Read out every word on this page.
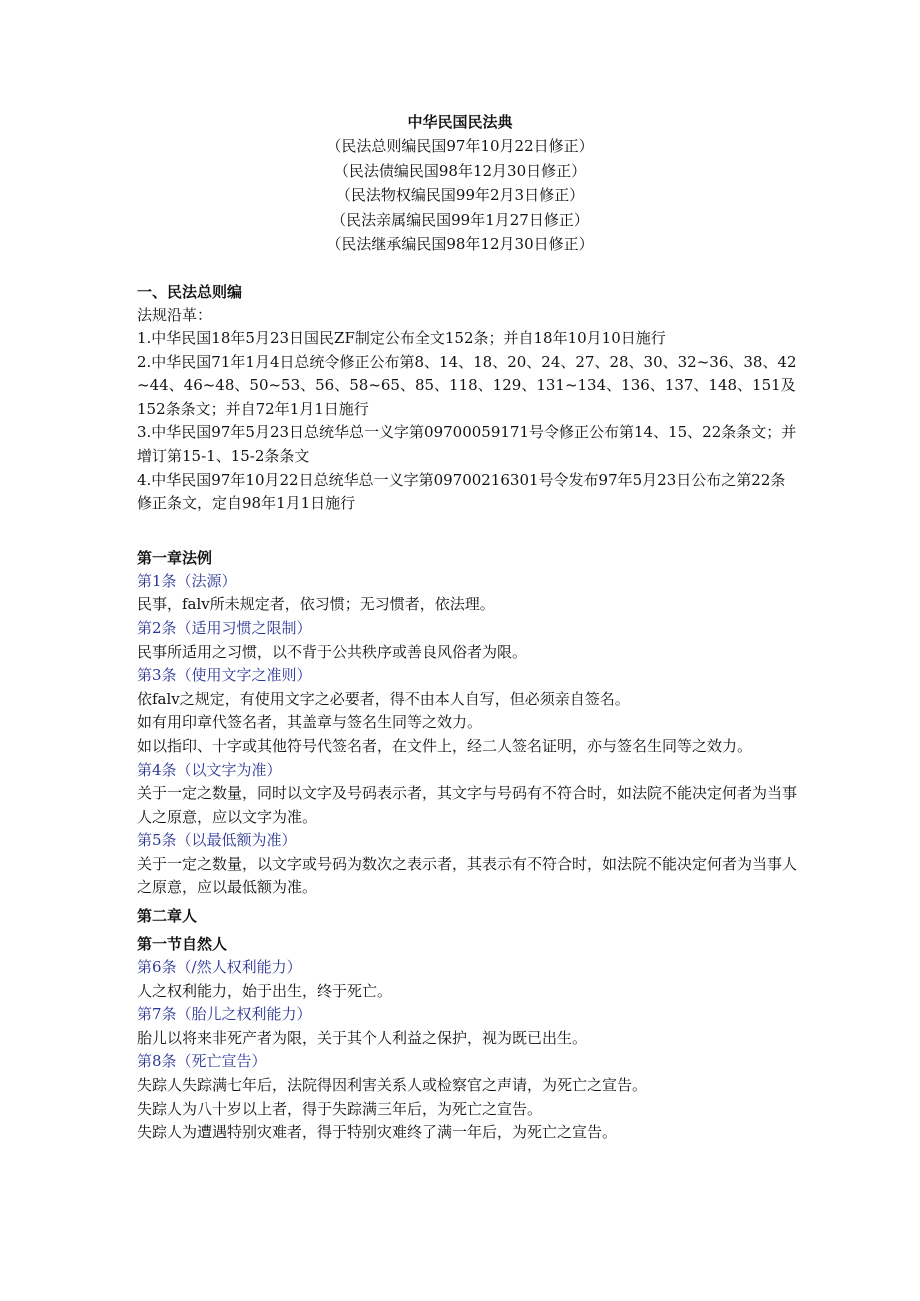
中华民国民法典
（民法总则编民国97年10月22日修正）
（民法债编民国98年12月30日修正）
（民法物权编民国99年2月3日修正）
（民法亲属编民国99年1月27日修正）
（民法继承编民国98年12月30日修正）
一、民法总则编
法规沿革：
1.中华民国18年5月23日国民ZF制定公布全文152条；并自18年10月10日施行
2.中华民国71年1月4日总统令修正公布第8、14、18、20、24、27、28、30、32~36、38、42~44、46~48、50~53、56、58~65、85、118、129、131~134、136、137、148、151及152条条文；并自72年1月1日施行
3.中华民国97年5月23日总统华总一义字第09700059171号令修正公布第14、15、22条条文；并增订第15-1、15-2条条文
4.中华民国97年10月22日总统华总一义字第09700216301号令发布97年5月23日公布之第22条修正条文，定自98年1月1日施行
第一章法例
第1条（法源）
民事，falv所未规定者，依习惯；无习惯者，依法理。
第2条（适用习惯之限制）
民事所适用之习惯，以不背于公共秩序或善良风俗者为限。
第3条（使用文字之准则）
依falv之规定，有使用文字之必要者，得不由本人自写，但必须亲自签名。
如有用印章代签名者，其盖章与签名生同等之效力。
如以指印、十字或其他符号代签名者，在文件上，经二人签名证明，亦与签名生同等之效力。
第4条（以文字为准）
关于一定之数量，同时以文字及号码表示者，其文字与号码有不符合时，如法院不能决定何者为当事人之原意，应以文字为准。
第5条（以最低额为准）
关于一定之数量，以文字或号码为数次之表示者，其表示有不符合时，如法院不能决定何者为当事人之原意，应以最低额为准。
第二章人
第一节自然人
第6条（/然人权利能力）
人之权利能力，始于出生，终于死亡。
第7条（胎儿之权利能力）
胎儿以将来非死产者为限，关于其个人利益之保护，视为既已出生。
第8条（死亡宣告）
失踪人失踪满七年后，法院得因利害关系人或检察官之声请，为死亡之宣告。
失踪人为八十岁以上者，得于失踪满三年后，为死亡之宣告。
失踪人为遭遇特别灾难者，得于特别灾难终了满一年后，为死亡之宣告。
